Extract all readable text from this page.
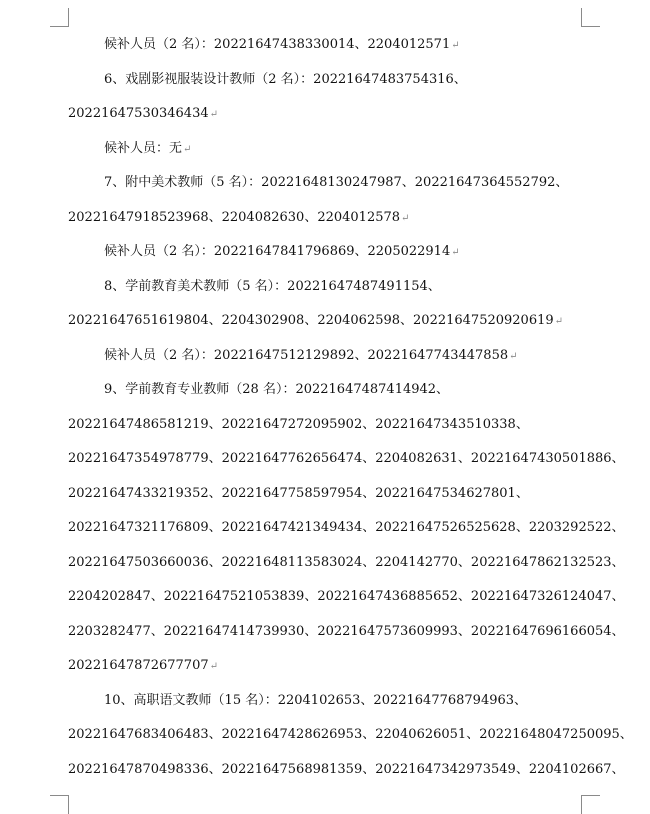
候补人员（2 名）：20221647438330014、2204012571↵
6、戏剧影视服装设计教师（2 名）：20221647483754316、
20221647530346434↵
候补人员：无↵
7、附中美术教师（5 名）：20221648130247987、20221647364552792、
20221647918523968、2204082630、2204012578↵
候补人员（2 名）：20221647841796869、2205022914↵
8、学前教育美术教师（5 名）：20221647487491154、
20221647651619804、2204302908、2204062598、20221647520920619↵
候补人员（2 名）：20221647512129892、20221647743447858↵
9、学前教育专业教师（28 名）：20221647487414942、
20221647486581219、20221647272095902、20221647343510338、
20221647354978779、20221647762656474、2204082631、20221647430501886、
20221647433219352、20221647758597954、20221647534627801、
20221647321176809、20221647421349434、20221647526525628、2203292522、
20221647503660036、20221648113583024、2204142770、20221647862132523、
2204202847、20221647521053839、20221647436885652、20221647326124047、
2203282477、20221647414739930、20221647573609993、20221647696166054、
20221647872677707↵
10、高职语文教师（15 名）：2204102653、20221647768794963、
20221647683406483、20221647428626953、22040626051、20221648047250095、
20221647870498336、20221647568981359、20221647342973549、2204102667、
